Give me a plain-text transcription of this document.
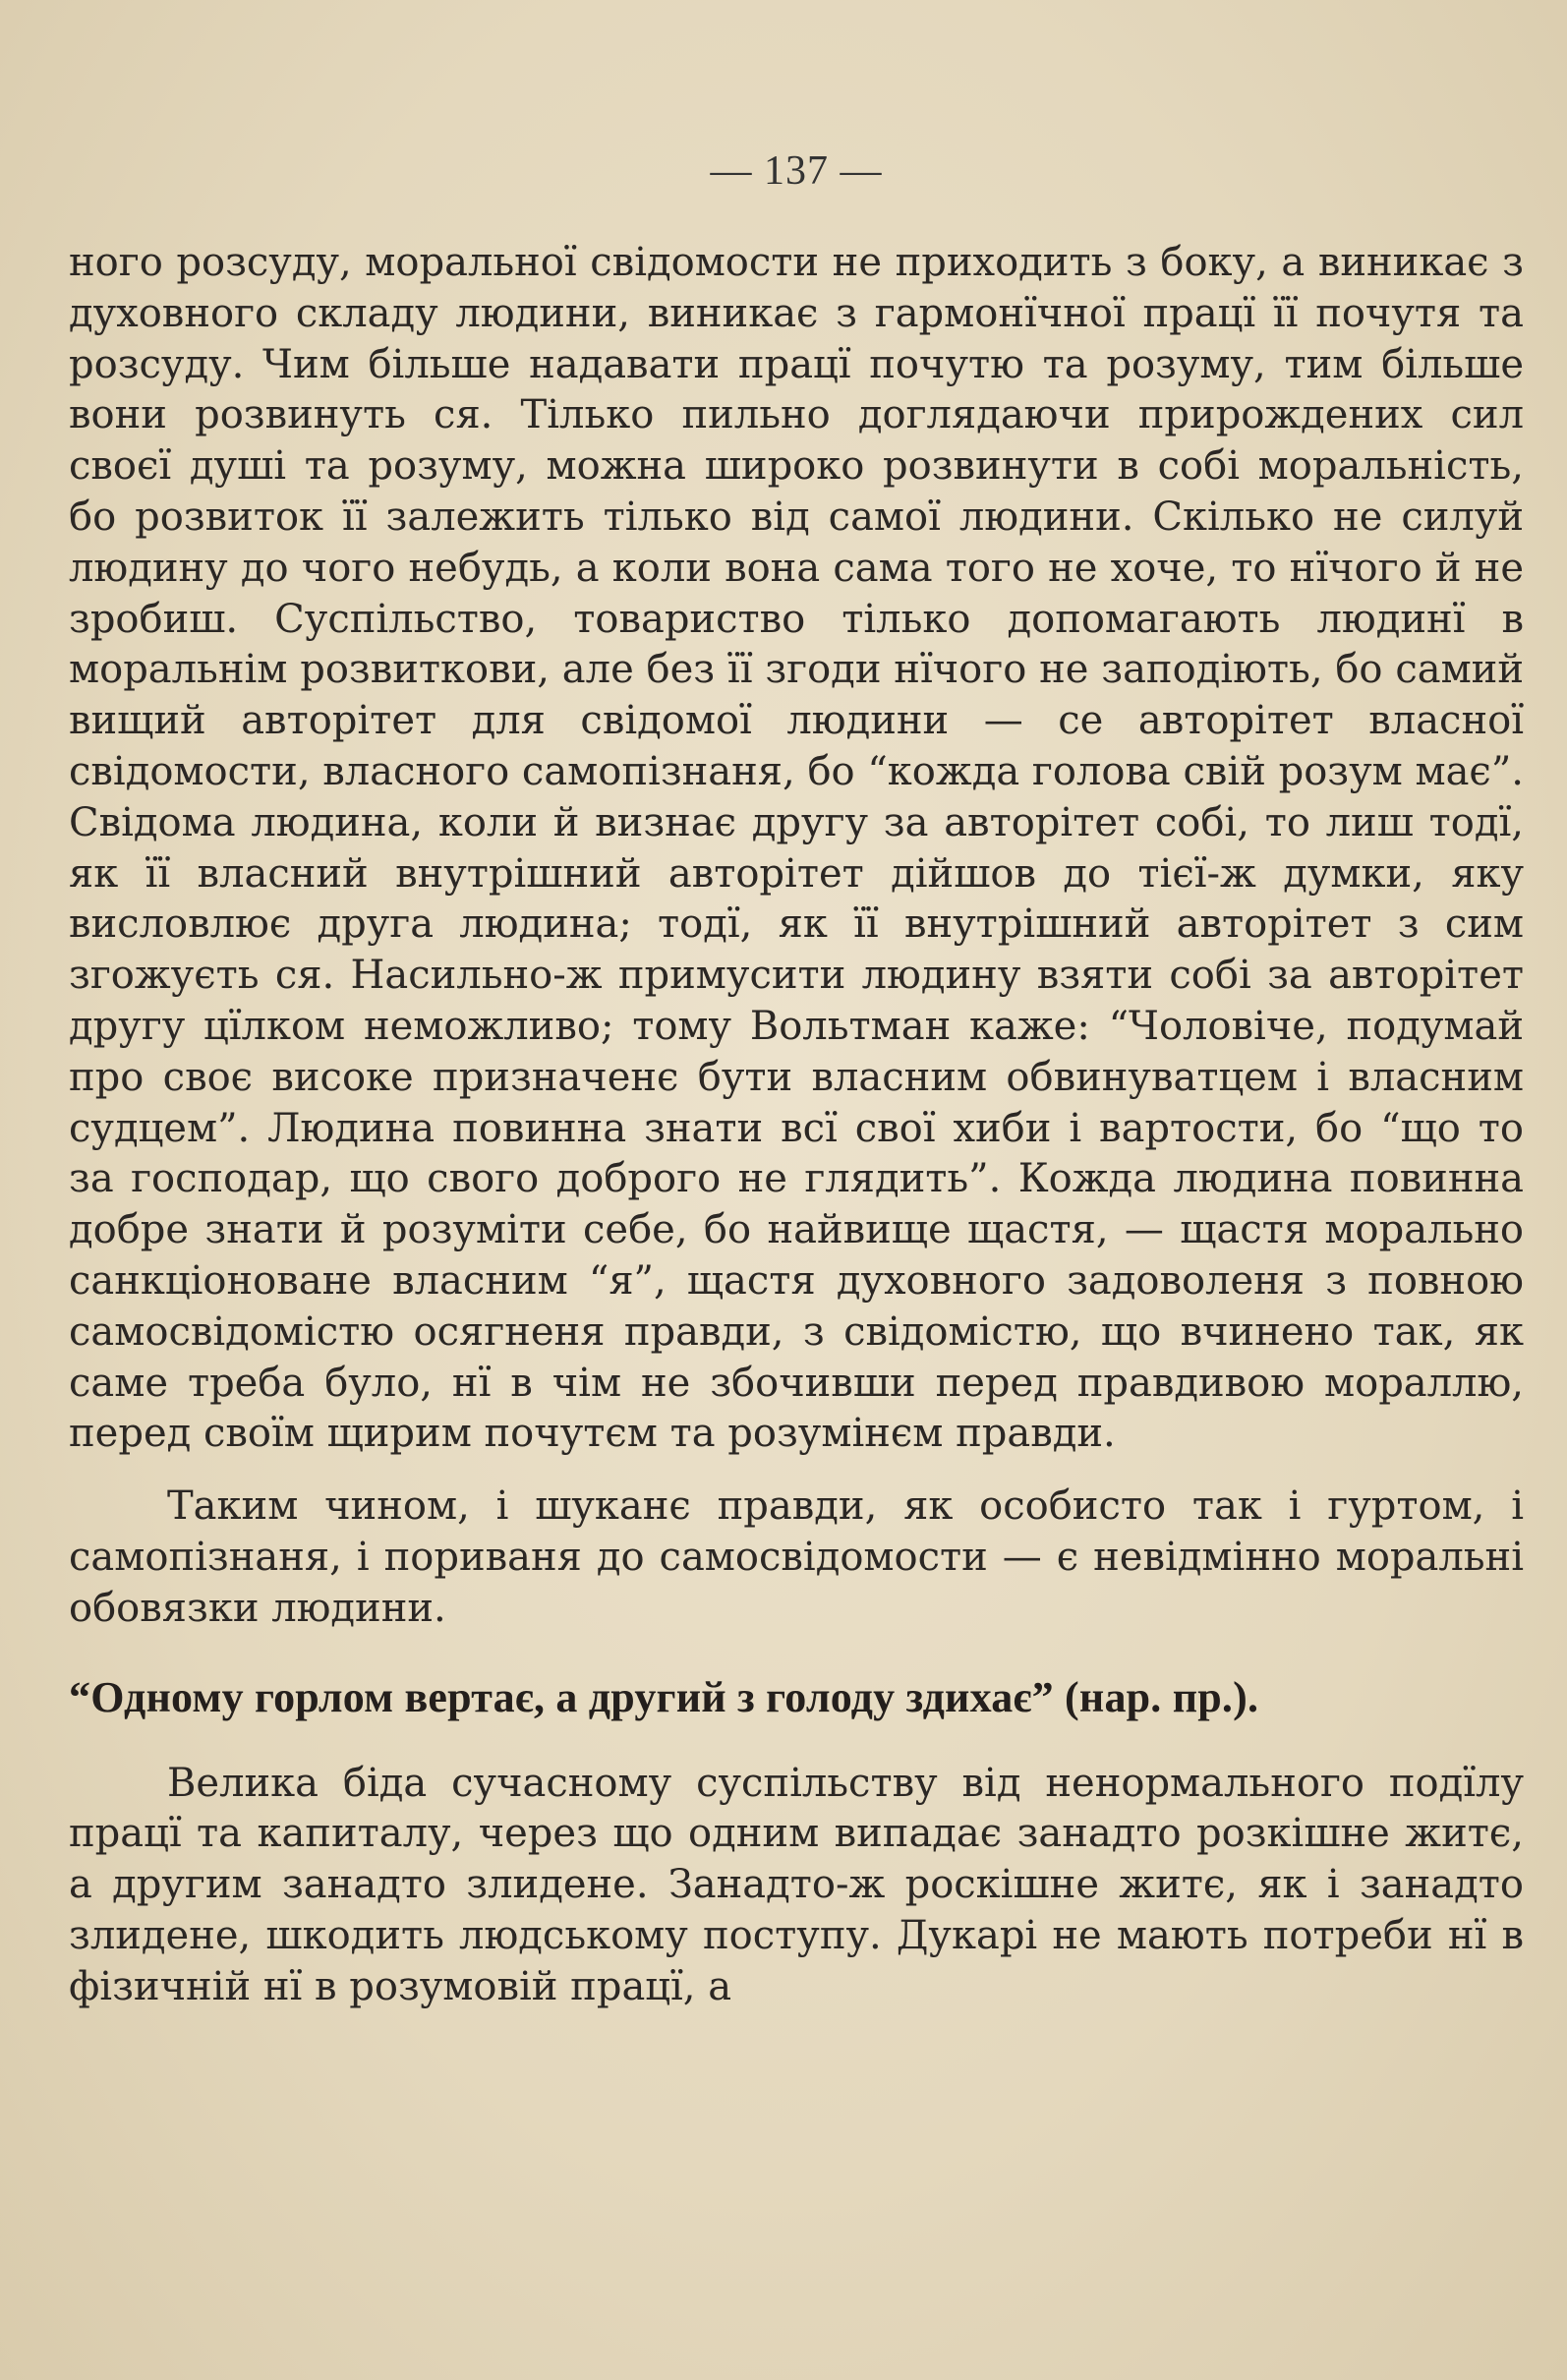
— 137 —

ного розсуду, моральної свідомости не приходить з боку, а виникає з духовного складу людини, виникає з гармонїчної працї її почутя та розсуду. Чим більше надавати працї почутю та розуму, тим більше вони розвинуть ся. Тілько пильно доглядаючи прирождених сил своєї душі та розуму, можна широко розвинути в собі моральність, бо розвиток її залежить тілько від самої людини. Скілько не силуй людину до чого небудь, а коли вона сама того не хоче, то нїчого й не зробиш. Суспільство, товариство тілько допомагають людинї в моральнім розвиткови, але без її згоди нїчого не заподіють, бо самий вищий авторітет для свідомої людини — се авторітет власної свідомости, власного самопізнаня, бо “кожда голова свій розум має”. Свідома людина, коли й визнає другу за авторітет собі, то лиш тодї, як її власний внутрішний авторітет дійшов до тієї-ж думки, яку висловлює друга людина; тодї, як її внутрішний авторітет з сим згожуєть ся. Насильно-ж примусити людину взяти собі за авторітет другу цїлком неможливо; тому Вольтман каже: “Чоловіче, подумай про своє високе призначенє бути власним обвинуватцем і власним судцем”. Людина повинна знати всї свої хиби і вартости, бо “що то за господар, що свого доброго не глядить”. Кожда людина повинна добре знати й розуміти себе, бо найвище щастя, — щастя морально санкціоноване власним “я”, щастя духовного задоволеня з повною самосвідомістю осягненя правди, з свідомістю, що вчинено так, як саме треба було, нї в чім не збочивши перед правдивою мораллю, перед своїм щирим почутєм та розумінєм правди.

Таким чином, і шуканє правди, як особисто так і гуртом, і самопізнаня, і пориваня до самосвідомости — є невідмінно моральні обовязки людини.

“Одному горлом вертає, а другий з голоду здихає” (нар. пр.).

Велика біда сучасному суспільству від ненормального подїлу працї та капиталу, через що одним випадає занадто розкішне житє, а другим занадто злидене. Занадто-ж роскішне житє, як і занадто злидене, шкодить людському поступу. Дукарі не мають потреби нї в фізичній нї в розумовій працї, а
